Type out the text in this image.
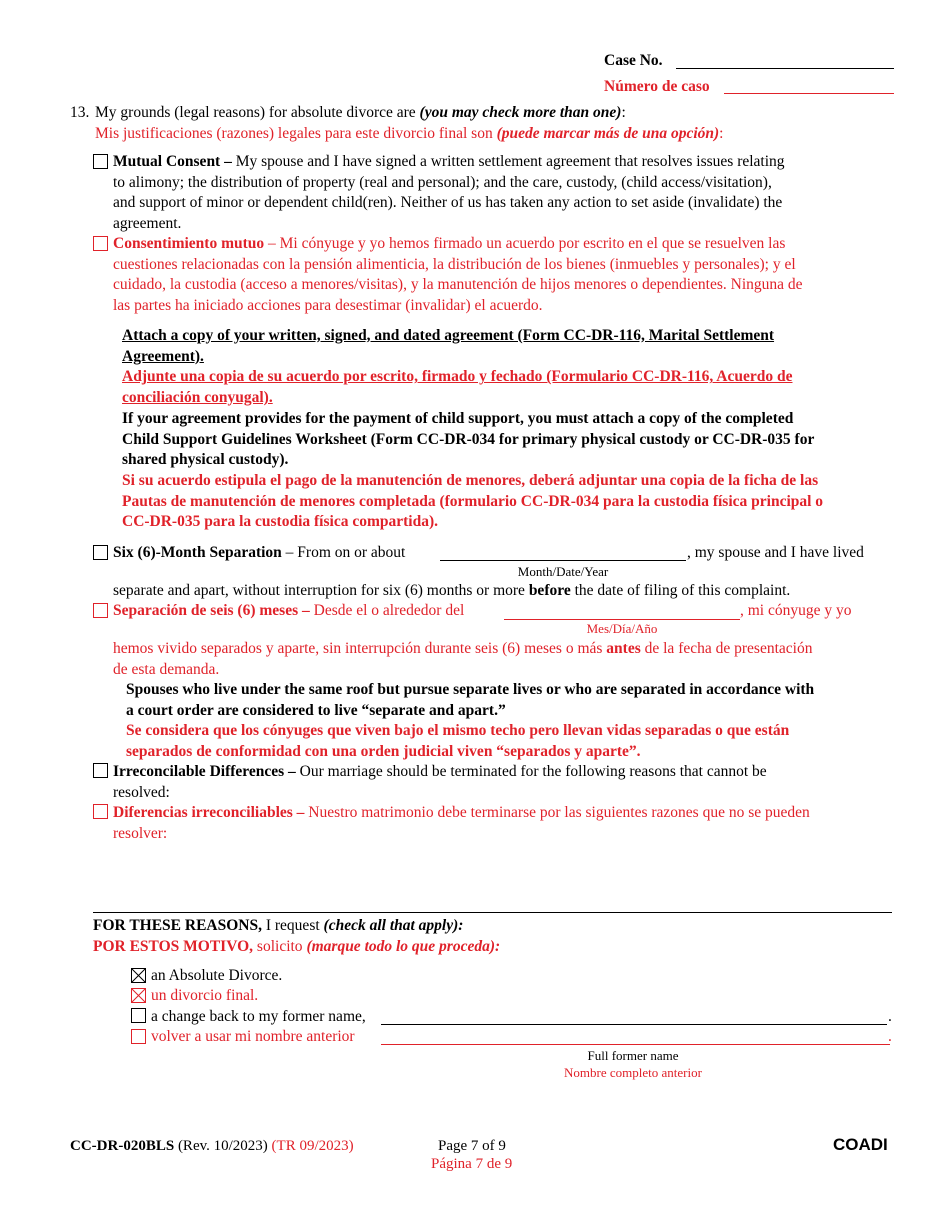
Case No.
Número de caso
13. My grounds (legal reasons) for absolute divorce are (you may check more than one):
Mis justificaciones (razones) legales para este divorcio final son (puede marcar más de una opción):
Mutual Consent – My spouse and I have signed a written settlement agreement that resolves issues relating
to alimony; the distribution of property (real and personal); and the care, custody, (child access/visitation),
and support of minor or dependent child(ren). Neither of us has taken any action to set aside (invalidate) the
agreement.
Consentimiento mutuo – Mi cónyuge y yo hemos firmado un acuerdo por escrito en el que se resuelven las
cuestiones relacionadas con la pensión alimenticia, la distribución de los bienes (inmuebles y personales); y el
cuidado, la custodia (acceso a menores/visitas), y la manutención de hijos menores o dependientes. Ninguna de
las partes ha iniciado acciones para desestimar (invalidar) el acuerdo.
Attach a copy of your written, signed, and dated agreement (Form CC-DR-116, Marital Settlement
Agreement).
Adjunte una copia de su acuerdo por escrito, firmado y fechado (Formulario CC-DR-116, Acuerdo de
conciliación conyugal).
If your agreement provides for the payment of child support, you must attach a copy of the completed
Child Support Guidelines Worksheet (Form CC-DR-034 for primary physical custody or CC-DR-035 for
shared physical custody).
Si su acuerdo estipula el pago de la manutención de menores, deberá adjuntar una copia de la ficha de las
Pautas de manutención de menores completada (formulario CC-DR-034 para la custodia física principal o
CC-DR-035 para la custodia física compartida).
Six (6)-Month Separation – From on or about	, my spouse and I have lived
Month/Date/Year
separate and apart, without interruption for six (6) months or more before the date of filing of this complaint.
Separación de seis (6) meses – Desde el o alrededor del	, mi cónyuge y yo
Mes/Día/Año
hemos vivido separados y aparte, sin interrupción durante seis (6) meses o más antes de la fecha de presentación
de esta demanda.
Spouses who live under the same roof but pursue separate lives or who are separated in accordance with
a court order are considered to live “separate and apart.”
Se considera que los cónyuges que viven bajo el mismo techo pero llevan vidas separadas o que están
separados de conformidad con una orden judicial viven “separados y aparte”.
Irreconcilable Differences – Our marriage should be terminated for the following reasons that cannot be
resolved:
Diferencias irreconciliables – Nuestro matrimonio debe terminarse por las siguientes razones que no se pueden
resolver:
FOR THESE REASONS, I request (check all that apply):
POR ESTOS MOTIVO, solicito (marque todo lo que proceda):
an Absolute Divorce.
un divorcio final.
a change back to my former name,	.
volver a usar mi nombre anterior	.
Full former name
Nombre completo anterior
CC-DR-020BLS (Rev. 10/2023) (TR 09/2023)	Page 7 of 9
Página 7 de 9
COADI
